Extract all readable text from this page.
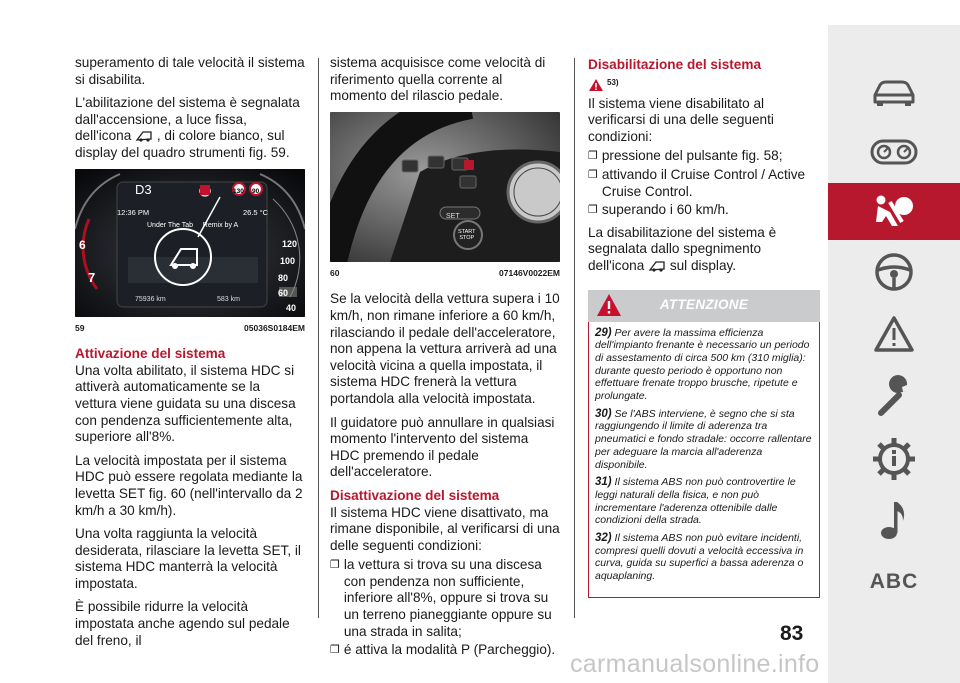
superamento di tale velocità il sistema si disabilita.

L'abilitazione del sistema è segnalata dall'accensione, a luce fissa, dell'icona , di colore bianco, sul display del quadro strumenti fig. 59.

D3
12:36 PM	26.5 °C
Under The Tab     Remix by A
130 90
75936 km	583 km
6
7
120
100
80
60
40
59	05036S0184EM
Attivazione del sistema

Una volta abilitato, il sistema HDC si attiverà automaticamente se la vettura viene guidata su una discesa con pendenza sufficientemente alta, superiore all'8%.

La velocità impostata per il sistema HDC può essere regolata mediante la levetta SET fig. 60 (nell'intervallo da 2 km/h a 30 km/h).

Una volta raggiunta la velocità desiderata, rilasciare la levetta SET, il sistema HDC manterrà la velocità impostata.

È possibile ridurre la velocità impostata anche agendo sul pedale del freno, il

sistema acquisisce come velocità di riferimento quella corrente al momento del rilascio pedale.

SET
START
STOP
60	07146V0022EM

Se la velocità della vettura supera i 10 km/h, non rimane inferiore a 60 km/h, rilasciando il pedale dell'acceleratore, non appena la vettura arriverà ad una velocità vicina a quella impostata, il sistema HDC frenerà la vettura portandola alla velocità impostata.

Il guidatore può annullare in qualsiasi momento l'intervento del sistema HDC premendo il pedale dell'acceleratore.

Disattivazione del sistema

Il sistema HDC viene disattivato, ma rimane disponibile, al verificarsi di una delle seguenti condizioni:

❐ la vettura si trova su una discesa con pendenza non sufficiente, inferiore all'8%, oppure si trova su un terreno pianeggiante oppure su una strada in salita;
❐ é attiva la modalità P (Parcheggio).
Disabilitazione del sistema
53)

Il sistema viene disabilitato al verificarsi di una delle seguenti condizioni:

❐ pressione del pulsante fig. 58;
❐ attivando il Cruise Control / Active Cruise Control.
❐ superando i 60 km/h.

La disabilitazione del sistema è segnalata dallo spegnimento dell'icona  sul display.

ATTENZIONE

29) Per avere la massima efficienza dell'impianto frenante è necessario un periodo di assestamento di circa 500 km (310 miglia): durante questo periodo è opportuno non effettuare frenate troppo brusche, ripetute e prolungate.

30) Se l'ABS interviene, è segno che si sta raggiungendo il limite di aderenza tra pneumatici e fondo stradale: occorre rallentare per adeguare la marcia all'aderenza disponibile.

31) Il sistema ABS non può controvertire le leggi naturali della fisica, e non può incrementare l'aderenza ottenibile dalle condizioni della strada.

32) Il sistema ABS non può evitare incidenti, compresi quelli dovuti a velocità eccessiva in curva, guida su superfici a bassa aderenza o aquaplaning.	ABC
83
carmanualsonline.info
